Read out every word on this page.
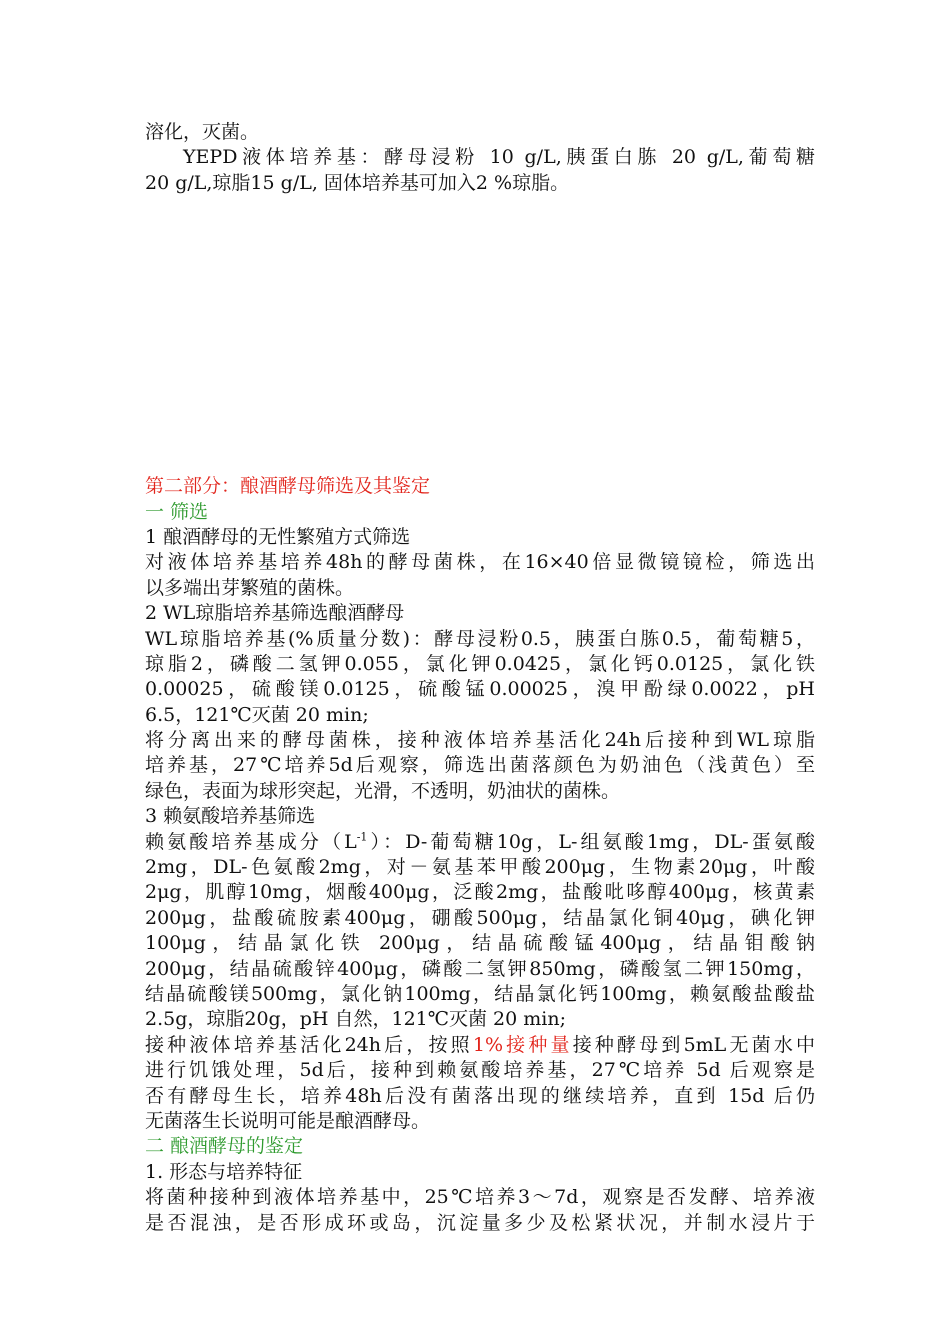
溶化，灭菌。
YEPD液体培养基：酵母浸粉 10 g/L,胰蛋白胨 20 g/L,葡萄糖
20 g/L,琼脂15 g/L, 固体培养基可加入2 %琼脂。
第二部分：酿酒酵母筛选及其鉴定
一 筛选
1 酿酒酵母的无性繁殖方式筛选
对液体培养基培养48h的酵母菌株，在16×40倍显微镜镜检，筛选出
以多端出芽繁殖的菌株。
2 WL琼脂培养基筛选酿酒酵母
WL琼脂培养基(%质量分数)：酵母浸粉0.5，胰蛋白胨0.5，葡萄糖5，
琼脂2，磷酸二氢钾0.055，氯化钾0.0425，氯化钙0.0125，氯化铁
0.00025，硫酸镁0.0125，硫酸锰0.00025，溴甲酚绿0.0022，pH
6.5，121℃灭菌 20 min;
将分离出来的酵母菌株，接种液体培养基活化24h后接种到WL琼脂
培养基，27℃培养5d后观察，筛选出菌落颜色为奶油色（浅黄色）至
绿色，表面为球形突起，光滑，不透明，奶油状的菌株。
3 赖氨酸培养基筛选
赖氨酸培养基成分$(L^{-1})$：D-葡萄糖10g，L-组氨酸1mg，DL-蛋氨酸
2mg，DL-色氨酸2mg，对－氨基苯甲酸200μg，生物素20μg，叶酸
2μg，肌醇10mg，烟酸400μg，泛酸2mg，盐酸吡哆醇400μg，核黄素
200μg，盐酸硫胺素400μg，硼酸500μg，结晶氯化铜40μg，碘化钾
100μg，结晶氯化铁 200μg，结晶硫酸锰400μg，结晶钼酸钠
200μg，结晶硫酸锌400μg，磷酸二氢钾850mg，磷酸氢二钾150mg，
结晶硫酸镁500mg，氯化钠100mg，结晶氯化钙100mg，赖氨酸盐酸盐
2.5g，琼脂20g，pH 自然，121℃灭菌 20 min;
接种液体培养基活化24h后，按照1%接种量接种酵母到5mL无菌水中
进行饥饿处理，5d后，接种到赖氨酸培养基，27℃培养 5d 后观察是
否有酵母生长，培养48h后没有菌落出现的继续培养，直到 15d 后仍
无菌落生长说明可能是酿酒酵母。
二 酿酒酵母的鉴定
1. 形态与培养特征
将菌种接种到液体培养基中，25℃培养3～7d，观察是否发酵、培养液
是否混浊，是否形成环或岛，沉淀量多少及松紧状况，并制水浸片于
